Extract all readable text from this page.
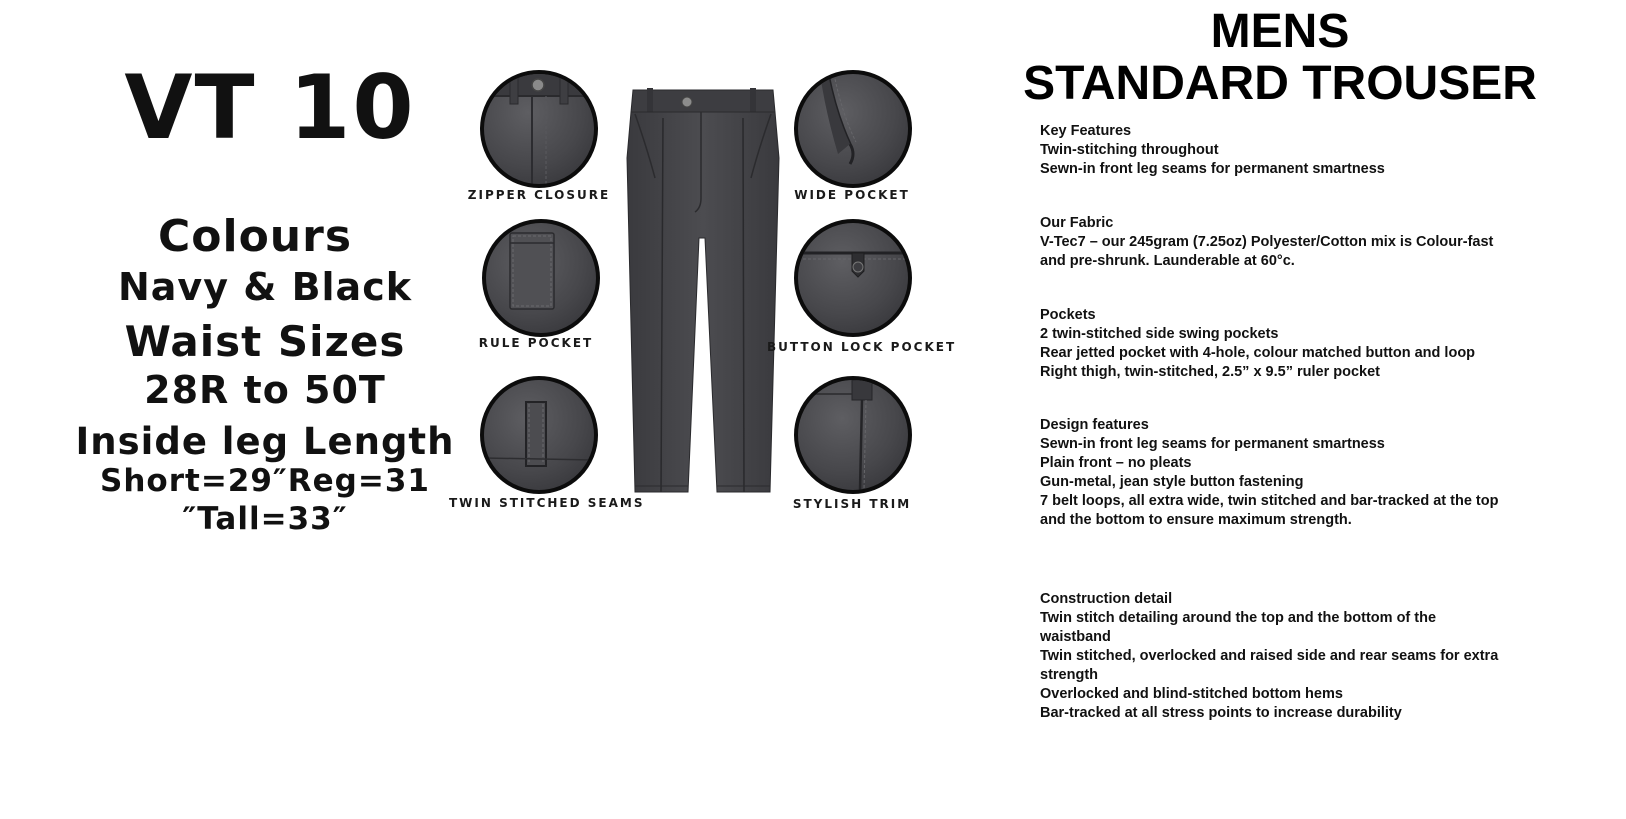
VT 10
Colours
Navy & Black
Waist Sizes
28R to 50T
Inside leg Length
Short=29″Reg=31
″Tall=33″
ZIPPER CLOSURE
RULE POCKET
TWIN STITCHED SEAMS
WIDE POCKET
BUTTON LOCK POCKET
STYLISH TRIM
MENS
STANDARD TROUSER
Key Features
Twin-stitching throughout
Sewn-in front leg seams for permanent smartness
Our Fabric
V-Tec7 – our 245gram (7.25oz) Polyester/Cotton mix is Colour-fast and pre-shrunk. Launderable at 60°c.
Pockets
2 twin-stitched side swing pockets
Rear jetted pocket with 4-hole, colour matched button and loop
Right thigh, twin-stitched, 2.5” x 9.5” ruler pocket
Design features
Sewn-in front leg seams for permanent smartness
Plain front – no pleats
Gun-metal, jean style button fastening
7 belt loops, all extra wide, twin stitched and bar-tracked at the top and the bottom to ensure maximum strength.
Construction detail
Twin stitch detailing around the top and the bottom of the waistband
Twin stitched, overlocked and raised side and rear seams for extra strength
Overlocked and blind-stitched bottom hems
Bar-tracked at all stress points to increase durability
